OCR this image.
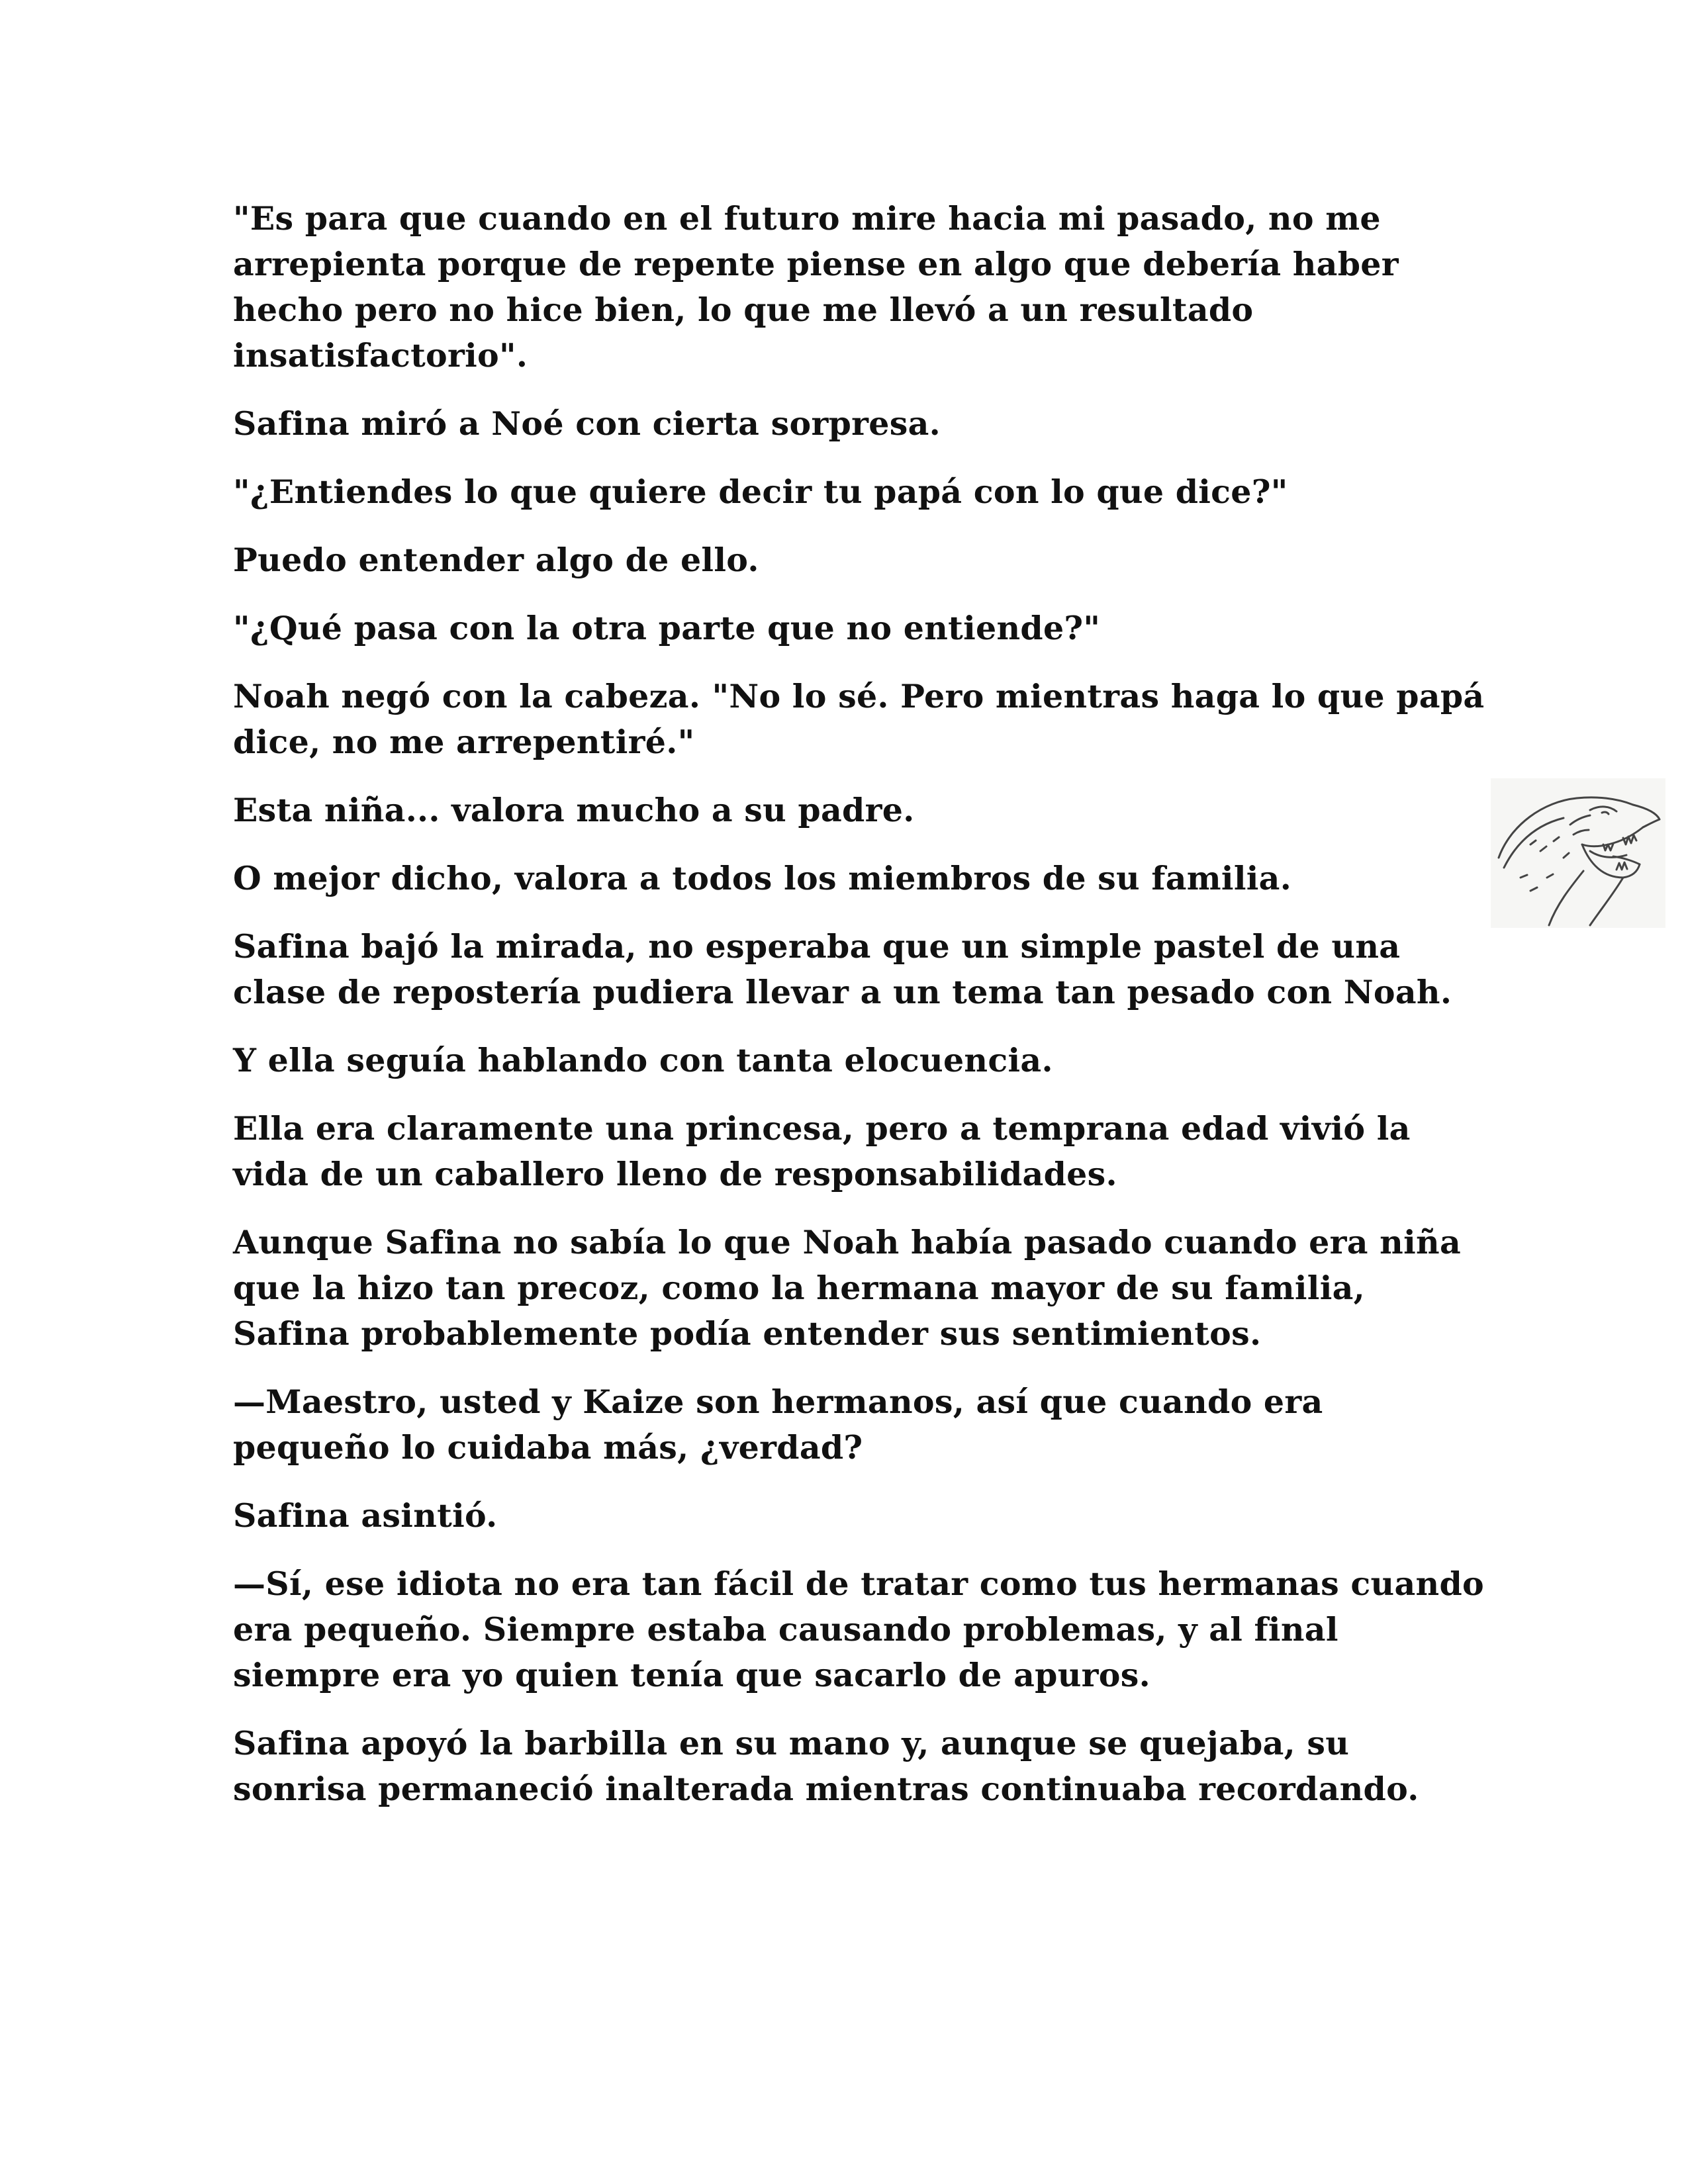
"Es para que cuando en el futuro mire hacia mi pasado, no me arrepienta porque de repente piense en algo que debería haber hecho pero no hice bien, lo que me llevó a un resultado insatisfactorio".

Safina miró a Noé con cierta sorpresa.

"¿Entiendes lo que quiere decir tu papá con lo que dice?"

Puedo entender algo de ello.

"¿Qué pasa con la otra parte que no entiende?"

Noah negó con la cabeza. "No lo sé. Pero mientras haga lo que papá dice, no me arrepentiré."

Esta niña... valora mucho a su padre.

O mejor dicho, valora a todos los miembros de su familia.

Safina bajó la mirada, no esperaba que un simple pastel de una clase de repostería pudiera llevar a un tema tan pesado con Noah.

Y ella seguía hablando con tanta elocuencia.

Ella era claramente una princesa, pero a temprana edad vivió la vida de un caballero lleno de responsabilidades.

Aunque Safina no sabía lo que Noah había pasado cuando era niña que la hizo tan precoz, como la hermana mayor de su familia, Safina probablemente podía entender sus sentimientos.

—Maestro, usted y Kaize son hermanos, así que cuando era pequeño lo cuidaba más, ¿verdad?

Safina asintió.

—Sí, ese idiota no era tan fácil de tratar como tus hermanas cuando era pequeño. Siempre estaba causando problemas, y al final siempre era yo quien tenía que sacarlo de apuros.

Safina apoyó la barbilla en su mano y, aunque se quejaba, su sonrisa permaneció inalterada mientras continuaba recordando.
